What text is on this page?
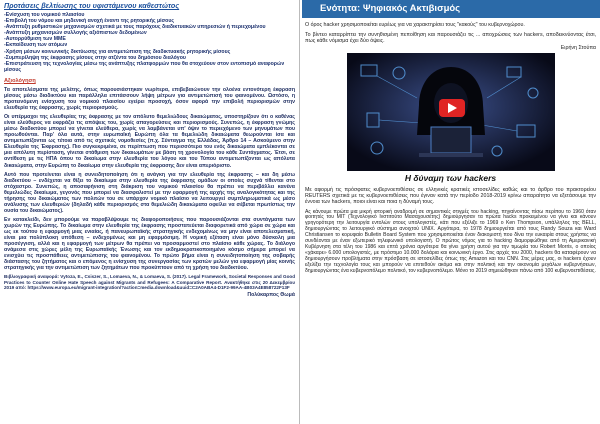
Προτάσεις βελτίωσης του υφιστάμενου καθεστώτος
-Ενίσχυση του νομικού πλαισίου
-Επιβολή του νόμου και μηδενική ανοχή έναντι της ρητορικής μίσους
-Ανάπτυξη ρυθμιστικών μηχανισμών σχετικά με τους παρόχους διαδικτυακών υπηρεσιών ή περιεχομένου
-Ανάπτυξη μηχανισμών συλλογής αξιόπιστων δεδομένων
-Αυτορρύθμιση των ΜΜΕ
-Εκπαίδευση των ατόμων
-Χρήση μέσων κοινωνικής δικτύωσης για αντιμετώπιση της διαδικτυακής ρητορικής μίσους
-Συμπερίληψη της έκφρασης μίσους στην ατζέντα του δημόσιου διαλόγου
-Επιστράτευση της τεχνολογίας μέσω της ανάπτυξης πλατφορμών που θα στοχεύουν στον εντοπισμό αναφορών μίσους
Αξιολόγηση

Τα αποτελέσματα της μελέτης, όπως παρουσιάστηκαν νωρίτερα, επιβεβαιώνουν την ολοένα εντονότερη έκφραση μίσους μέσω διαδικτύου και παράλληλα επιτάσσουν λήψη μέτρων για αντιμετώπισή του φαινομένου. Ωστόσο, η προτεινόμενη ενίσχυση του νομικού πλαισίου εγείρει προσοχή, όσον αφορά την επιβολή περιορισμών στην ελευθερία της έκφρασης, χωρίς περιορισμούς.

Οι υπέρμαχοι της ελευθερίας της έκφρασης με τον απόλυτο θεμελιώδους δικαιώματος, υποστηρίζουν ότι ο καθένας είναι ελεύθερος να εκφράζει τις απόψεις του, χωρίς απαγορεύσεις και περιορισμούς. Συνεπώς, η έκφραση γνώμης μέσω διαδικτύου μπορεί να γίνεται ελεύθερα, χωρίς να λαμβάνεται υπ' όψιν το περιεχόμενο των μηνυμάτων που προωθούνται. Παρ' όλα αυτά, στην ευρωπαϊκή Ευρώπη όλα τα θεμελιώδη δικαιώματα θεωρούνται ίσα και αντιμετωπίζονται ως τέτοια από τις σχετικές νομοθεσίες (π.χ. Σύνταγμα της Ελλάδας, Άρθρο 14 – Ασκούμενο στην Ελευθερία της Έκφρασης). Πιο συγκεκριμένα, σε περίπτωση που περισσότερα του ενός δικαιώματα εμπλέκονται σε μια απόλυτη περίσταση, γίνεται στάθμιση των δικαιωμάτων με βάση τη χρονολογία του κάθε Συντάγματος. Έτσι, σε αντίθεση με τις ΗΠΑ όπου το δικαίωμα στην ελευθερία του λόγου και του Τύπου αντιμετωπίζονται ως απόλυτα δικαιώματα, στην Ευρώπη το δικαίωμα στην ελευθερία της έκφρασης δεν είναι απεριόριστο.

Αυτό που προτείνεται είναι η συνειδητοποίηση ότι η ανάγκη για την ελευθερία της έκφρασης – και δη μέσω διαδικτύου – ενδέχεται να θίξει το δικαίωμα στην ελευθερία της έκφρασης ομάδων οι οποίες συχνά τίθενται στο στόχαστρο. Συνεπώς, η αποσαφήνιση στη διάκριση του νομικού πλαισίου θα πρέπει να περιβάλλει κανένα θεμελιώδες δικαίωμα, γεγονός που μπορεί να διασφαλιστεί με την εφαρμογή της αρχής της αναλογικότητας και της τήρησης του δικαιώματος των πολιτών του σε υπάρχον νομικό πλαίσιο να λειτουργεί συμπληρωματικά ως μέσο ανάλυσης των ελευθεριών (δηλαδή κάθε περιορισμός στα θεμελιώδη δικαιώματα οφείλει να σέβεται πρωτίστως την ουσία του δικαιώματος).

Εν κατακλείδι, δεν μπορούμε να παραβλέψουμε τις διαφοροποιήσεις που παρουσιάζονται στα συντάγματα των χωρών της Ευρώπης. Το δικαίωμα στην ελευθερία της έκφρασης προστατεύεται διαφορετικά από χώρα σε χώρα και ως εκ τούτου η εφαρμογή μιας ενιαίας, ή πανευρωπαϊκής στρατηγικής ενδεχομένως να μην είναι αποτελεσματική, είναι μια πολύπλοκη υπόθεση – ενδεχομένως και μη εφαρμόσιμη. Η νομική εξέταση είναι μόνο δύσκολη μια προσέγγιση, αλλά και η εφαρμογή των μέτρων θα πρέπει να προσαρμοστεί στο πλαίσιο κάθε χώρας. Το διάλογο ανάμεσα στις χώρες μέλη της Ευρωπαϊκής Ένωσης και τον εκδημοκρατικοποιημένο κόσμο σήμερα μπορεί να ενισχύει τις προσπάθειες αντιμετώπισης του φαινομένου. Το πρώτο βήμα είναι η συνειδητοποίηση της σοβαρής διάστασης του ζητήματος και ο επόμενος η ενίσχυση της συνεργασίας των κρατών μελών για εφαρμογή μίας κοινής στρατηγικής για την αντιμετώπιση των ζητημάτων που προκύπτουν από τη χρήση του διαδικτύου.

Βιβλιογραφική αναφορά: Vytoza, E., Csiszer, S., Lomaeva, N., & Lomaeva, S. (2017). Legal Framework, Societal Responses and Good Practices to Counter Online Hate Speech against Migrants and Refugees: A Comparative Report. Ανακτήθηκε στις 20 Δεκεμβρίου 2019 από: https://www.europa.eu/migrant-integration/?action=media.download&uuid=C2A0ABA4-D1F2-99AA-4B03A4E858722F13F

Πολύκαρπος Θωμά
Ενότητα: Ψηφιακός Ακτιβισμός

Ο όρος hacker χρησιμοποιείται ευρέως για να χαρακτηρίσει τους "κακούς" του κυβερνοχώρου.

Το βίντεο καταρρίπτει την συνηθισμένη πεποίθηση και παρουσιάζει τις ... αποχρώσεις των hackers, αποδεικνύοντας έτσι, πως κάθε νόμισμα έχει δύο όψεις.

Ειρήνη Στούπα
Η δύναμη των hackers

Με αφορμή τις πρόσφατες κυβερνοεπιθέσεις σε ελληνικές κρατικές ιστοσελίδες καθώς και το άρθρο του πρακτορείου REUTERS σχετικά με τις κυβερνοεπιθέσεις που έγιναν κατά την περίοδο 2018-2019 κρίνω απαραίτητο να εξετάσουμε την έννοια των hackers, ποιοι είναι και ποια η δύναμή τους.

Ας κάνουμε πρώτα μια μικρή ιστορική αναδρομή σε σημαντικές στιγμές του hacking, πηγαίνοντας πίσω περίπου το 1960 όταν φοιτητές του MIT (Τεχνολογικό Ινστιτούτο Μασαχουσέτης) δημιούργησαν τα πρώτα hacks προκειμένου να γίνει και κάνουν γρηγορότερη την λειτουργία εντολών στους υπολογιστές, κάτι που εξέλιξε το 1969 ο Ken Thompson, υπάλληλος της BELL, δημιουργώντας το λειτουργικό σύστημα ανοιχτού UNIX. Αργότερα, το 1978 δημιουργείται από τους Randy Souza και Ward Christiansen το κορυφαίο Bulletin Board System που χρησιμοποιείται έναν διακομιστή που δίνει την ευκαιρία στους χρήστες να συνδέονται με έναν εξωτερικό τηλεφωνικό υπολογιστή. Ο πρώτος νόμος για το hacking διαμορφώθηκε από τη Αμερικανική Κυβέρνηση στα τέλη του 1986 και επτά χρόνια αργότερα θα γίνει χρήση αυτού για την τιμωρία του Robert Morris, ο οποίος «χάκαρε» 6.000 υπολογιστές, με πρόστιμο 10.000 δολάρια και κοινωνική έργο. Στις αρχές του 2000, hackers θα καταφέρουν να δημιουργήσουν προβλήματα στην πρόσβαση σε ιστοσελίδες όπως της Amazon και του CNN. Στις μέρες μας, οι hackers έχουν εξελίξει την τεχνολογία τους και μπορούν να επιτεθούν ακόμα και στην πολιτική και την οικονομία μεγάλων κυβερνήσεων, δημιουργώντας ένα κυβερνοπόλεμο πολιτικό, τον κυβερνοπόλεμο. Μόνο το 2019 σημειώθηκαν πάνω από 100 κυβερνοεπιθέσεις.
